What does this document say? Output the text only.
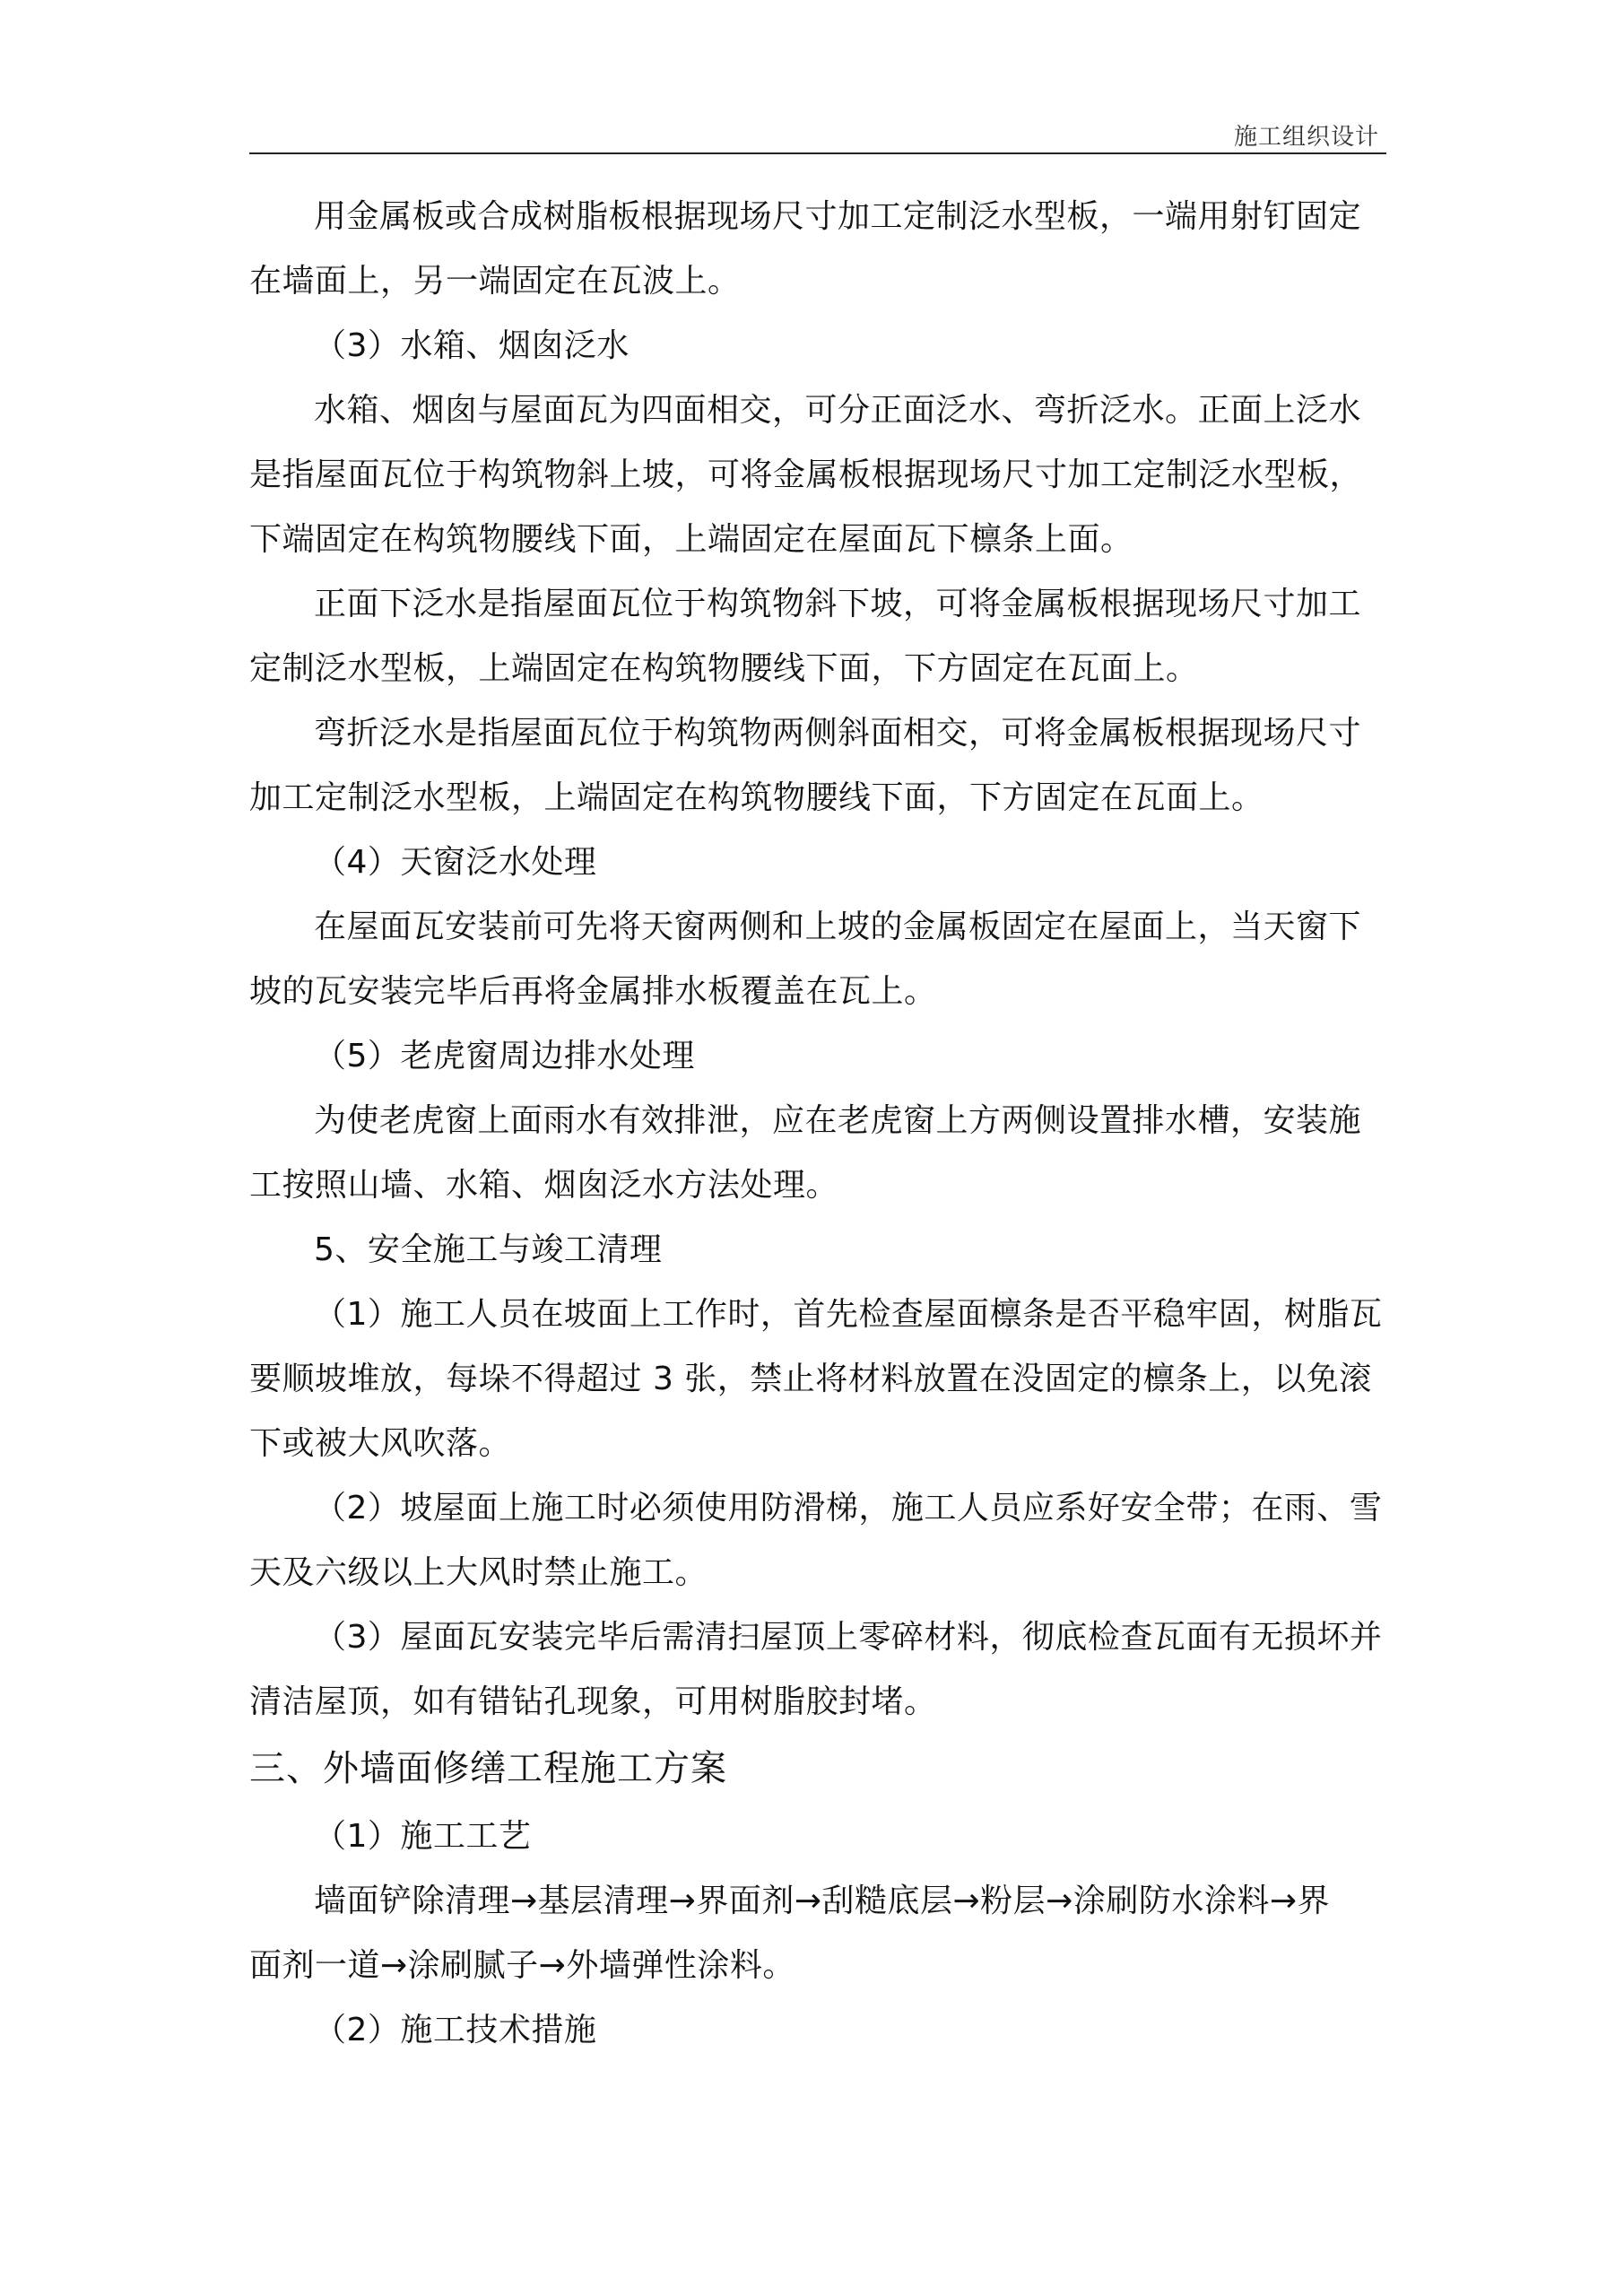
施工组织设计
用金属板或合成树脂板根据现场尺寸加工定制泛水型板，一端用射钉固定
在墙面上，另一端固定在瓦波上。
（3）水箱、烟囱泛水
水箱、烟囱与屋面瓦为四面相交，可分正面泛水、弯折泛水。正面上泛水
是指屋面瓦位于构筑物斜上坡，可将金属板根据现场尺寸加工定制泛水型板，
下端固定在构筑物腰线下面，上端固定在屋面瓦下檩条上面。
正面下泛水是指屋面瓦位于构筑物斜下坡，可将金属板根据现场尺寸加工
定制泛水型板，上端固定在构筑物腰线下面，下方固定在瓦面上。
弯折泛水是指屋面瓦位于构筑物两侧斜面相交，可将金属板根据现场尺寸
加工定制泛水型板，上端固定在构筑物腰线下面，下方固定在瓦面上。
（4）天窗泛水处理
在屋面瓦安装前可先将天窗两侧和上坡的金属板固定在屋面上，当天窗下
坡的瓦安装完毕后再将金属排水板覆盖在瓦上。
（5）老虎窗周边排水处理
为使老虎窗上面雨水有效排泄，应在老虎窗上方两侧设置排水槽，安装施
工按照山墙、水箱、烟囱泛水方法处理。
5、安全施工与竣工清理
（1）施工人员在坡面上工作时，首先检查屋面檩条是否平稳牢固，树脂瓦
要顺坡堆放，每垛不得超过 3 张，禁止将材料放置在没固定的檩条上，以免滚
下或被大风吹落。
（2）坡屋面上施工时必须使用防滑梯，施工人员应系好安全带；在雨、雪
天及六级以上大风时禁止施工。
（3）屋面瓦安装完毕后需清扫屋顶上零碎材料，彻底检查瓦面有无损坏并
清洁屋顶，如有错钻孔现象，可用树脂胶封堵。
三、外墙面修缮工程施工方案
（1）施工工艺
墙面铲除清理→基层清理→界面剂→刮糙底层→粉层→涂刷防水涂料→界
面剂一道→涂刷腻子→外墙弹性涂料。
（2）施工技术措施
